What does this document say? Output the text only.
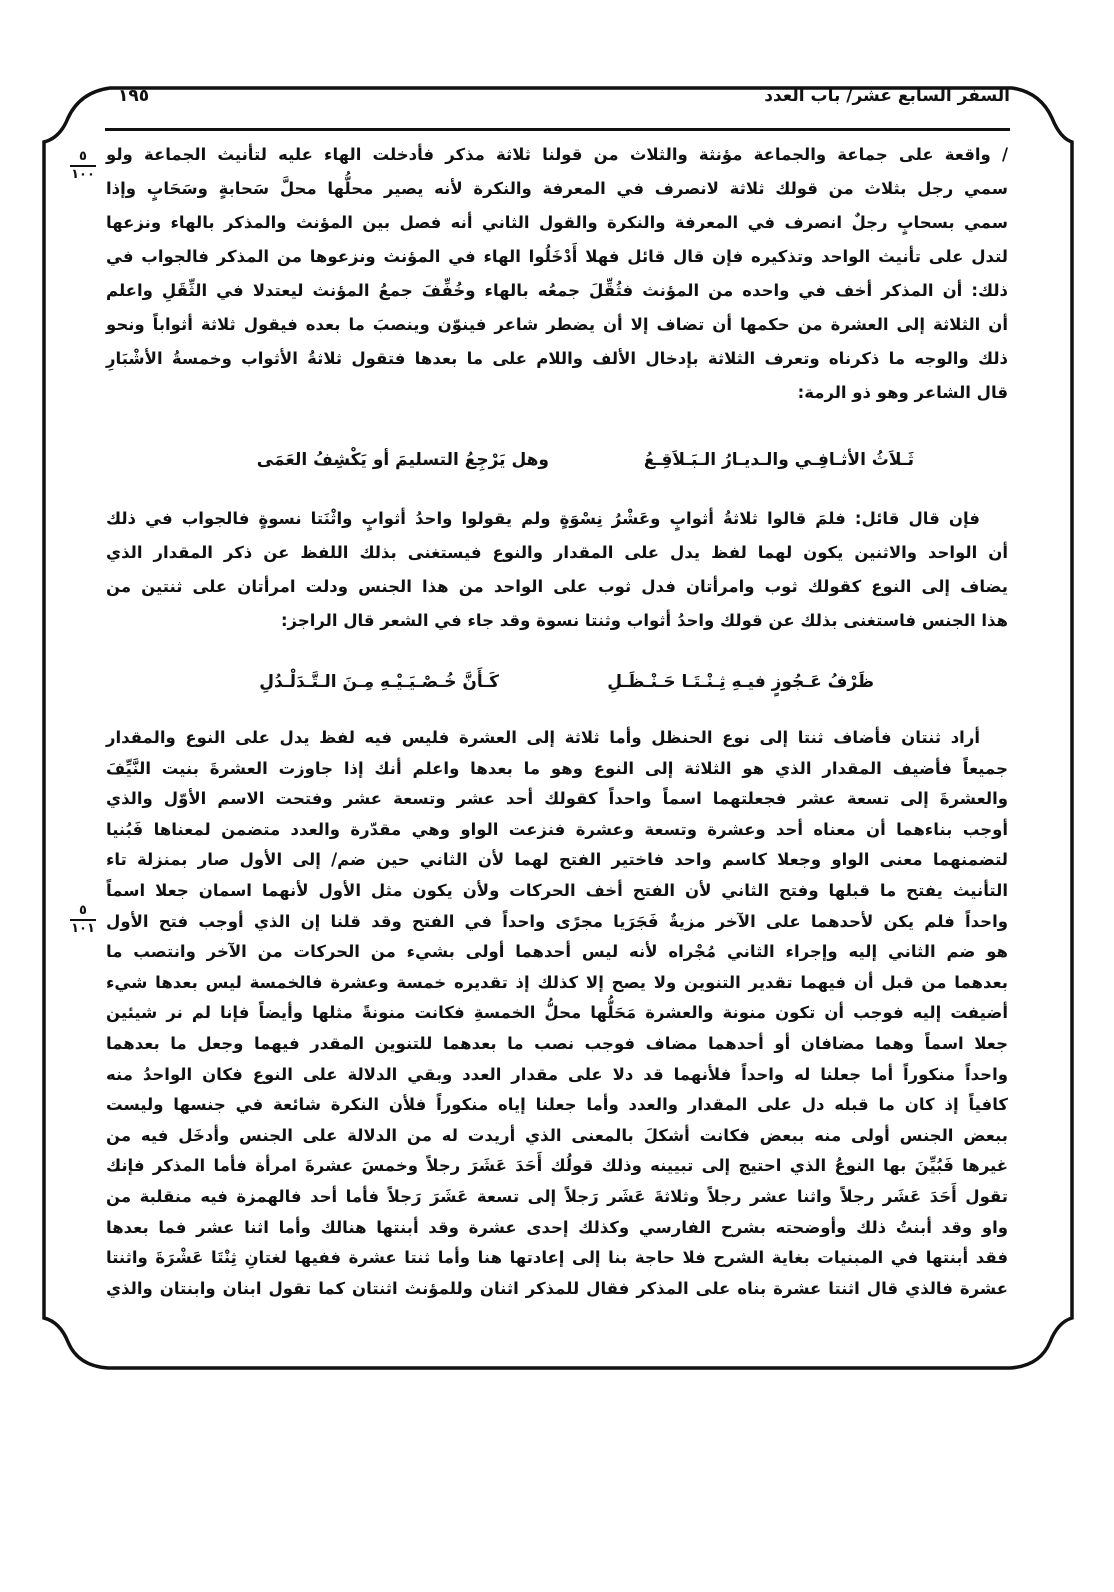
السفر السابع عشر/ باب العدد
١٩٥
٥
١٠٠
٥
١٠١
/ واقعة على جماعة والجماعة مؤنثة والثلاث من قولنا ثلاثة مذكر فأدخلت الهاء عليه لتأنيث الجماعة ولو
سمي رجل بثلاث من قولك ثلاثة لانصرف في المعرفة والنكرة لأنه يصير محلُّها محلَّ سَحابةٍ وسَحَابٍ وإذا
سمي بسحابٍ رجلٌ انصرف في المعرفة والنكرة والقول الثاني أنه فصل بين المؤنث والمذكر بالهاء ونزعها
لتدل على تأنيث الواحد وتذكيره فإن قال قائل فهلا أَدْخَلُوا الهاء في المؤنث ونزعوها من المذكر فالجواب في
ذلك: أن المذكر أخف في واحده من المؤنث فثُقِّلَ جمعُه بالهاء وخُفِّفَ جمعُ المؤنث ليعتدلا في الثِّقَلِ واعلم
أن الثلاثة إلى العشرة من حكمها أن تضاف إلا أن يضطر شاعر فينوّن وينصبَ ما بعده فيقول ثلاثة أثواباً ونحو
ذلك والوجه ما ذكرناه وتعرف الثلاثة بإدخال الألف واللام على ما بعدها فتقول ثلاثةُ الأثواب وخمسةُ الأشْبَارِ
قال الشاعر وهو ذو الرمة:
وهل يَرْجِعُ التسليمَ أو يَكْشِفُ العَمَى	ثَـلاَثُ الأثـافِـي والـديـارُ الـبَـلاَقِـعُ
فإن قال قائل: فلمَ قالوا ثلاثةُ أثوابٍ وعَشْرُ نِسْوَةٍ ولم يقولوا واحدُ أثوابٍ واثْنَتا نسوةٍ فالجواب في ذلك
أن الواحد والاثنين يكون لهما لفظ يدل على المقدار والنوع فيستغنى بذلك اللفظ عن ذكر المقدار الذي
يضاف إلى النوع كقولك ثوب وامرأتان فدل ثوب على الواحد من هذا الجنس ودلت امرأتان على ثنتين من
هذا الجنس فاستغنى بذلك عن قولك واحدُ أثواب وثنتا نسوة وقد جاء في الشعر قال الراجز:
كَـأَنَّ خُـصْـيَـيْـهِ مِـنَ الـتَّـدَلْـدُلِ	ظَرْفُ عَـجُوزٍ فيـهِ ثِـنْـتَـا حَـنْـظَـلِ
أراد ثنتان فأضاف ثنتا إلى نوع الحنظل وأما ثلاثة إلى العشرة فليس فيه لفظ يدل على النوع والمقدار
جميعاً فأضيف المقدار الذي هو الثلاثة إلى النوع وهو ما بعدها واعلم أنك إذا جاوزت العشرةَ بنيت النَّيِّفَ
والعشرةَ إلى تسعة عشر فجعلتهما اسماً واحداً كقولك أحد عشر وتسعة عشر وفتحت الاسم الأوّل والذي
أوجب بناءهما أن معناه أحد وعشرة وتسعة وعشرة فنزعت الواو وهي مقدّرة والعدد متضمن لمعناها فَبُنيا
لتضمنهما معنى الواو وجعلا كاسم واحد فاختير الفتح لهما لأن الثاني حين ضم/ إلى الأول صار بمنزلة تاء
التأنيث يفتح ما قبلها وفتح الثاني لأن الفتح أخف الحركات ولأن يكون مثل الأول لأنهما اسمان جعلا اسماً
واحداً فلم يكن لأحدهما على الآخر مزيةٌ فَجَرَيا مجرًى واحداً في الفتح وقد قلنا إن الذي أوجب فتح الأول
هو ضم الثاني إليه وإجراء الثاني مُجْراه لأنه ليس أحدهما أولى بشيء من الحركات من الآخر وانتصب ما
بعدهما من قبل أن فيهما تقدير التنوين ولا يصح إلا كذلك إذ تقديره خمسة وعشرة فالخمسة ليس بعدها شيء
أضيفت إليه فوجب أن تكون منونة والعشرة مَحَلُّها محلُّ الخمسةِ فكانت منونةً مثلها وأيضاً فإنا لم نر شيئين
جعلا اسماً وهما مضافان أو أحدهما مضاف فوجب نصب ما بعدهما للتنوين المقدر فيهما وجعل ما بعدهما
واحداً منكوراً أما جعلنا له واحداً فلأنهما قد دلا على مقدار العدد وبقي الدلالة على النوع فكان الواحدُ منه
كافياً إذ كان ما قبله دل على المقدار والعدد وأما جعلنا إياه منكوراً فلأن النكرة شائعة في جنسها وليست
ببعض الجنس أولى منه ببعض فكانت أشكلَ بالمعنى الذي أريدت له من الدلالة على الجنس وأدخَل فيه من
غيرها فَبُيِّنَ بها النوعُ الذي احتيج إلى تبيينه وذلك قولُك أَحَدَ عَشَرَ رجلاً وخمسَ عشرةَ امرأة فأما المذكر فإنك
تقول أَحَدَ عَشَر رجلاً واثنا عشر رجلاً وثلاثةَ عَشَر رَجلاً إلى تسعة عَشَرَ رَجلاً فأما أحد فالهمزة فيه منقلبة من
واو وقد أبنتُ ذلك وأوضحته بشرح الفارسي وكذلك إحدى عشرة وقد أبنتها هنالك وأما اثنا عشر فما بعدها
فقد أبنتها في المبنيات بغاية الشرح فلا حاجة بنا إلى إعادتها هنا وأما ثنتا عشرة ففيها لغتانِ ثِنْتَا عَشْرَةَ واثنتا
عشرة فالذي قال اثنتا عشرة بناه على المذكر فقال للمذكر اثنان وللمؤنث اثنتان كما تقول ابنان وابنتان والذي
